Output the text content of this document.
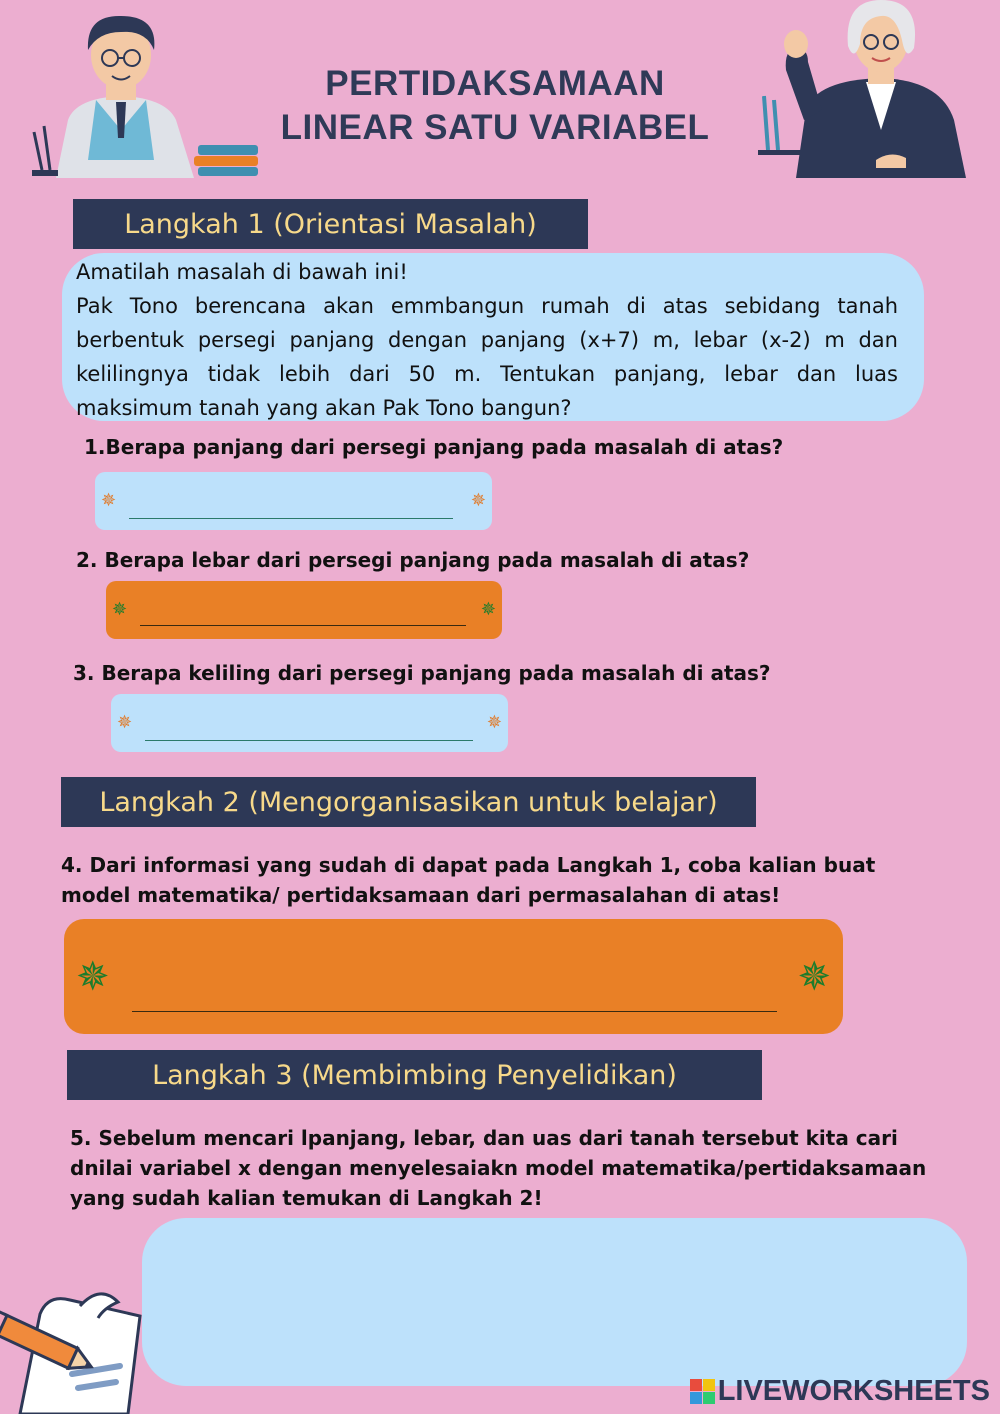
PERTIDAKSAMAAN
LINEAR SATU VARIABEL
Langkah 1 (Orientasi Masalah)

Amatilah masalah di bawah ini!

Pak Tono berencana akan emmbangun rumah di atas sebidang tanah berbentuk persegi panjang dengan panjang (x+7) m, lebar (x-2) m dan kelilingnya tidak lebih dari 50 m. Tentukan panjang, lebar dan luas maksimum tanah yang akan Pak Tono bangun?

1.Berapa panjang dari persegi panjang pada masalah di atas?
✵	✵
2. Berapa lebar dari persegi panjang pada masalah di atas?
✵	✵
3. Berapa keliling dari persegi panjang pada masalah di atas?
✵	✵
Langkah 2 (Mengorganisasikan untuk belajar)
4. Dari informasi yang sudah di dapat pada Langkah 1, coba kalian buat
model matematika/ pertidaksamaan dari permasalahan di atas!
✵	✵
Langkah 3 (Membimbing Penyelidikan)
5. Sebelum mencari lpanjang, lebar, dan uas dari tanah tersebut kita cari
dnilai variabel x dengan menyelesaiakn model matematika/pertidaksamaan
yang sudah kalian temukan di Langkah 2!
LIVEWORKSHEETS
